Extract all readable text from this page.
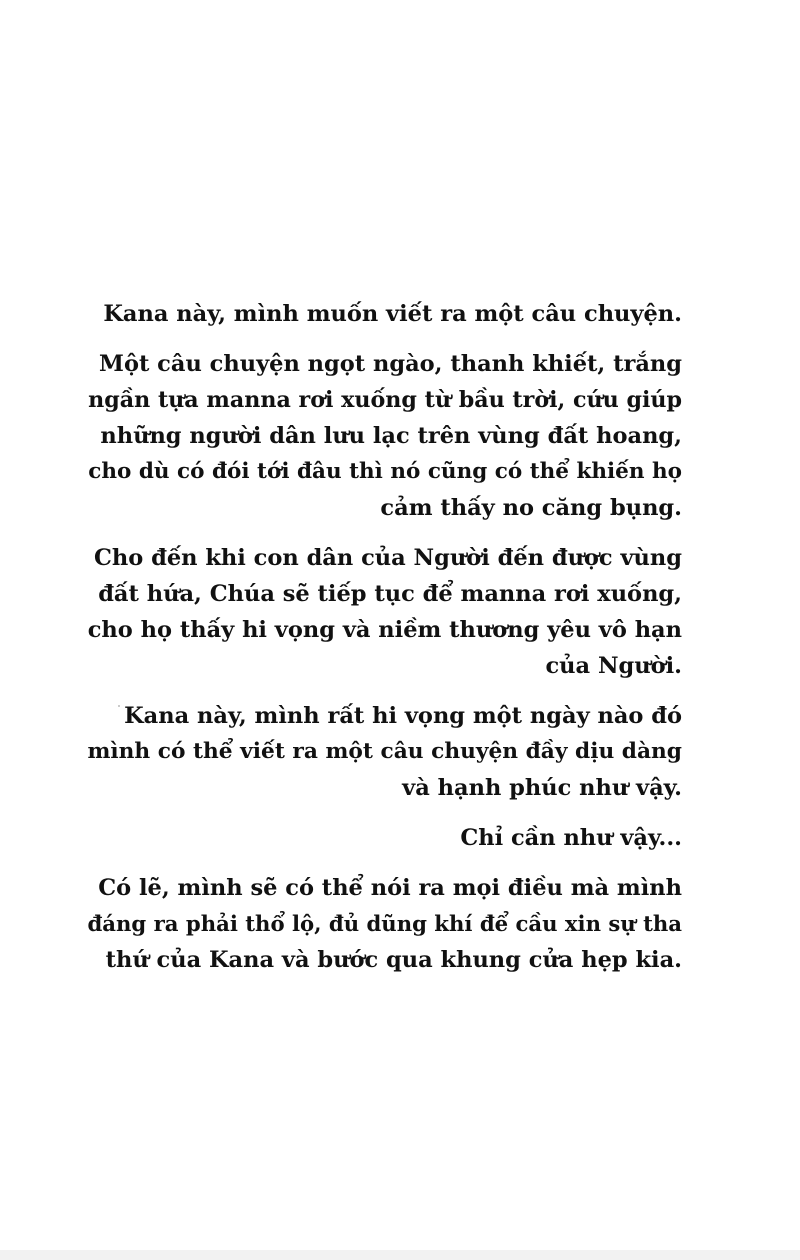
Kana này, mình muốn viết ra một câu chuyện.

Một câu chuyện ngọt ngào, thanh khiết, trắng
ngần tựa manna rơi xuống từ bầu trời, cứu giúp
những người dân lưu lạc trên vùng đất hoang,
cho dù có đói tới đâu thì nó cũng có thể khiến họ
cảm thấy no căng bụng.

Cho đến khi con dân của Người đến được vùng
đất hứa, Chúa sẽ tiếp tục để manna rơi xuống,
cho họ thấy hi vọng và niềm thương yêu vô hạn
của Người.

Kana này, mình rất hi vọng một ngày nào đó
mình có thể viết ra một câu chuyện đầy dịu dàng
và hạnh phúc như vậy.

Chỉ cần như vậy...

Có lẽ, mình sẽ có thể nói ra mọi điều mà mình
đáng ra phải thổ lộ, đủ dũng khí để cầu xin sự tha
thứ của Kana và bước qua khung cửa hẹp kia.
